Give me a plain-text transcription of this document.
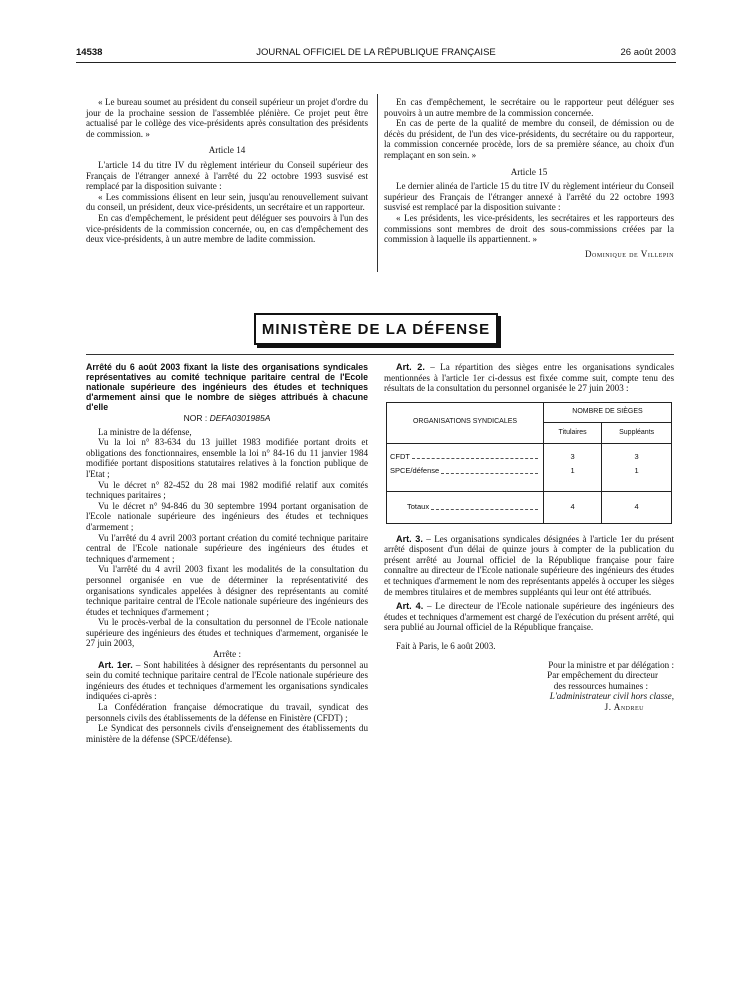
14538	JOURNAL OFFICIEL DE LA RÉPUBLIQUE FRANÇAISE	26 août 2003

« Le bureau soumet au président du conseil supérieur un projet d'ordre du jour de la prochaine session de l'assemblée plénière. Ce projet peut être actualisé par le collège des vice-présidents après consultation des présidents de commission. »

Article 14

L'article 14 du titre IV du règlement intérieur du Conseil supérieur des Français de l'étranger annexé à l'arrêté du 22 octobre 1993 susvisé est remplacé par la disposition suivante :

« Les commissions élisent en leur sein, jusqu'au renouvellement suivant du conseil, un président, deux vice-présidents, un secrétaire et un rapporteur.

En cas d'empêchement, le président peut déléguer ses pouvoirs à l'un des vice-présidents de la commission concernée, ou, en cas d'empêchement des deux vice-présidents, à un autre membre de ladite commission.

En cas d'empêchement, le secrétaire ou le rapporteur peut déléguer ses pouvoirs à un autre membre de la commission concernée.

En cas de perte de la qualité de membre du conseil, de démission ou de décès du président, de l'un des vice-présidents, du secrétaire ou du rapporteur, la commission concernée procède, lors de sa première séance, au choix d'un remplaçant en son sein. »

Article 15

Le dernier alinéa de l'article 15 du titre IV du règlement intérieur du Conseil supérieur des Français de l'étranger annexé à l'arrêté du 22 octobre 1993 susvisé est remplacé par la disposition suivante :

« Les présidents, les vice-présidents, les secrétaires et les rapporteurs des commissions sont membres de droit des sous-commissions créées par la commission à laquelle ils appartiennent. »

Dominique de Villepin

MINISTÈRE DE LA DÉFENSE

Arrêté du 6 août 2003 fixant la liste des organisations syndicales représentatives au comité technique paritaire central de l'Ecole nationale supérieure des ingénieurs des études et techniques d'armement ainsi que le nombre de sièges attribués à chacune d'elle

NOR : DEFA0301985A

La ministre de la défense,

Vu la loi n° 83-634 du 13 juillet 1983 modifiée portant droits et obligations des fonctionnaires, ensemble la loi n° 84-16 du 11 janvier 1984 modifiée portant dispositions statutaires relatives à la fonction publique de l'Etat ;

Vu le décret n° 82-452 du 28 mai 1982 modifié relatif aux comités techniques paritaires ;

Vu le décret n° 94-846 du 30 septembre 1994 portant organisation de l'Ecole nationale supérieure des ingénieurs des études et techniques d'armement ;

Vu l'arrêté du 4 avril 2003 portant création du comité technique paritaire central de l'Ecole nationale supérieure des ingénieurs des études et techniques d'armement ;

Vu l'arrêté du 4 avril 2003 fixant les modalités de la consultation du personnel organisée en vue de déterminer la représentativité des organisations syndicales appelées à désigner des représentants au comité technique paritaire central de l'Ecole nationale supérieure des ingénieurs des études et techniques d'armement ;

Vu le procès-verbal de la consultation du personnel de l'Ecole nationale supérieure des ingénieurs des études et techniques d'armement, organisée le 27 juin 2003,

Arrête :

Art. 1er. – Sont habilitées à désigner des représentants du personnel au sein du comité technique paritaire central de l'Ecole nationale supérieure des ingénieurs des études et techniques d'armement les organisations syndicales indiquées ci-après :

La Confédération française démocratique du travail, syndicat des personnels civils des établissements de la défense en Finistère (CFDT) ;

Le Syndicat des personnels civils d'enseignement des établissements du ministère de la défense (SPCE/défense).

Art. 2. – La répartition des sièges entre les organisations syndicales mentionnées à l'article 1er ci-dessus est fixée comme suit, compte tenu des résultats de la consultation du personnel organisée le 27 juin 2003 :

ORGANISATIONS SYNDICALES	NOMBRE DE SIÈGES	
	Titulaires	Suppléants

CFDT	3	3

SPCE/défense	1	1

Totaux	4	4

Art. 3. – Les organisations syndicales désignées à l'article 1er du présent arrêté disposent d'un délai de quinze jours à compter de la publication du présent arrêté au Journal officiel de la République française pour faire connaître au directeur de l'Ecole nationale supérieure des ingénieurs des études et techniques d'armement le nom des représentants appelés à occuper les sièges de membres titulaires et de membres suppléants qui leur ont été attribués.

Art. 4. – Le directeur de l'Ecole nationale supérieure des ingénieurs des études et techniques d'armement est chargé de l'exécution du présent arrêté, qui sera publié au Journal officiel de la République française.

Fait à Paris, le 6 août 2003.

Pour la ministre et par délégation :

Par empêchement du directeur

des ressources humaines :

L'administrateur civil hors classe,

J. Andreu
